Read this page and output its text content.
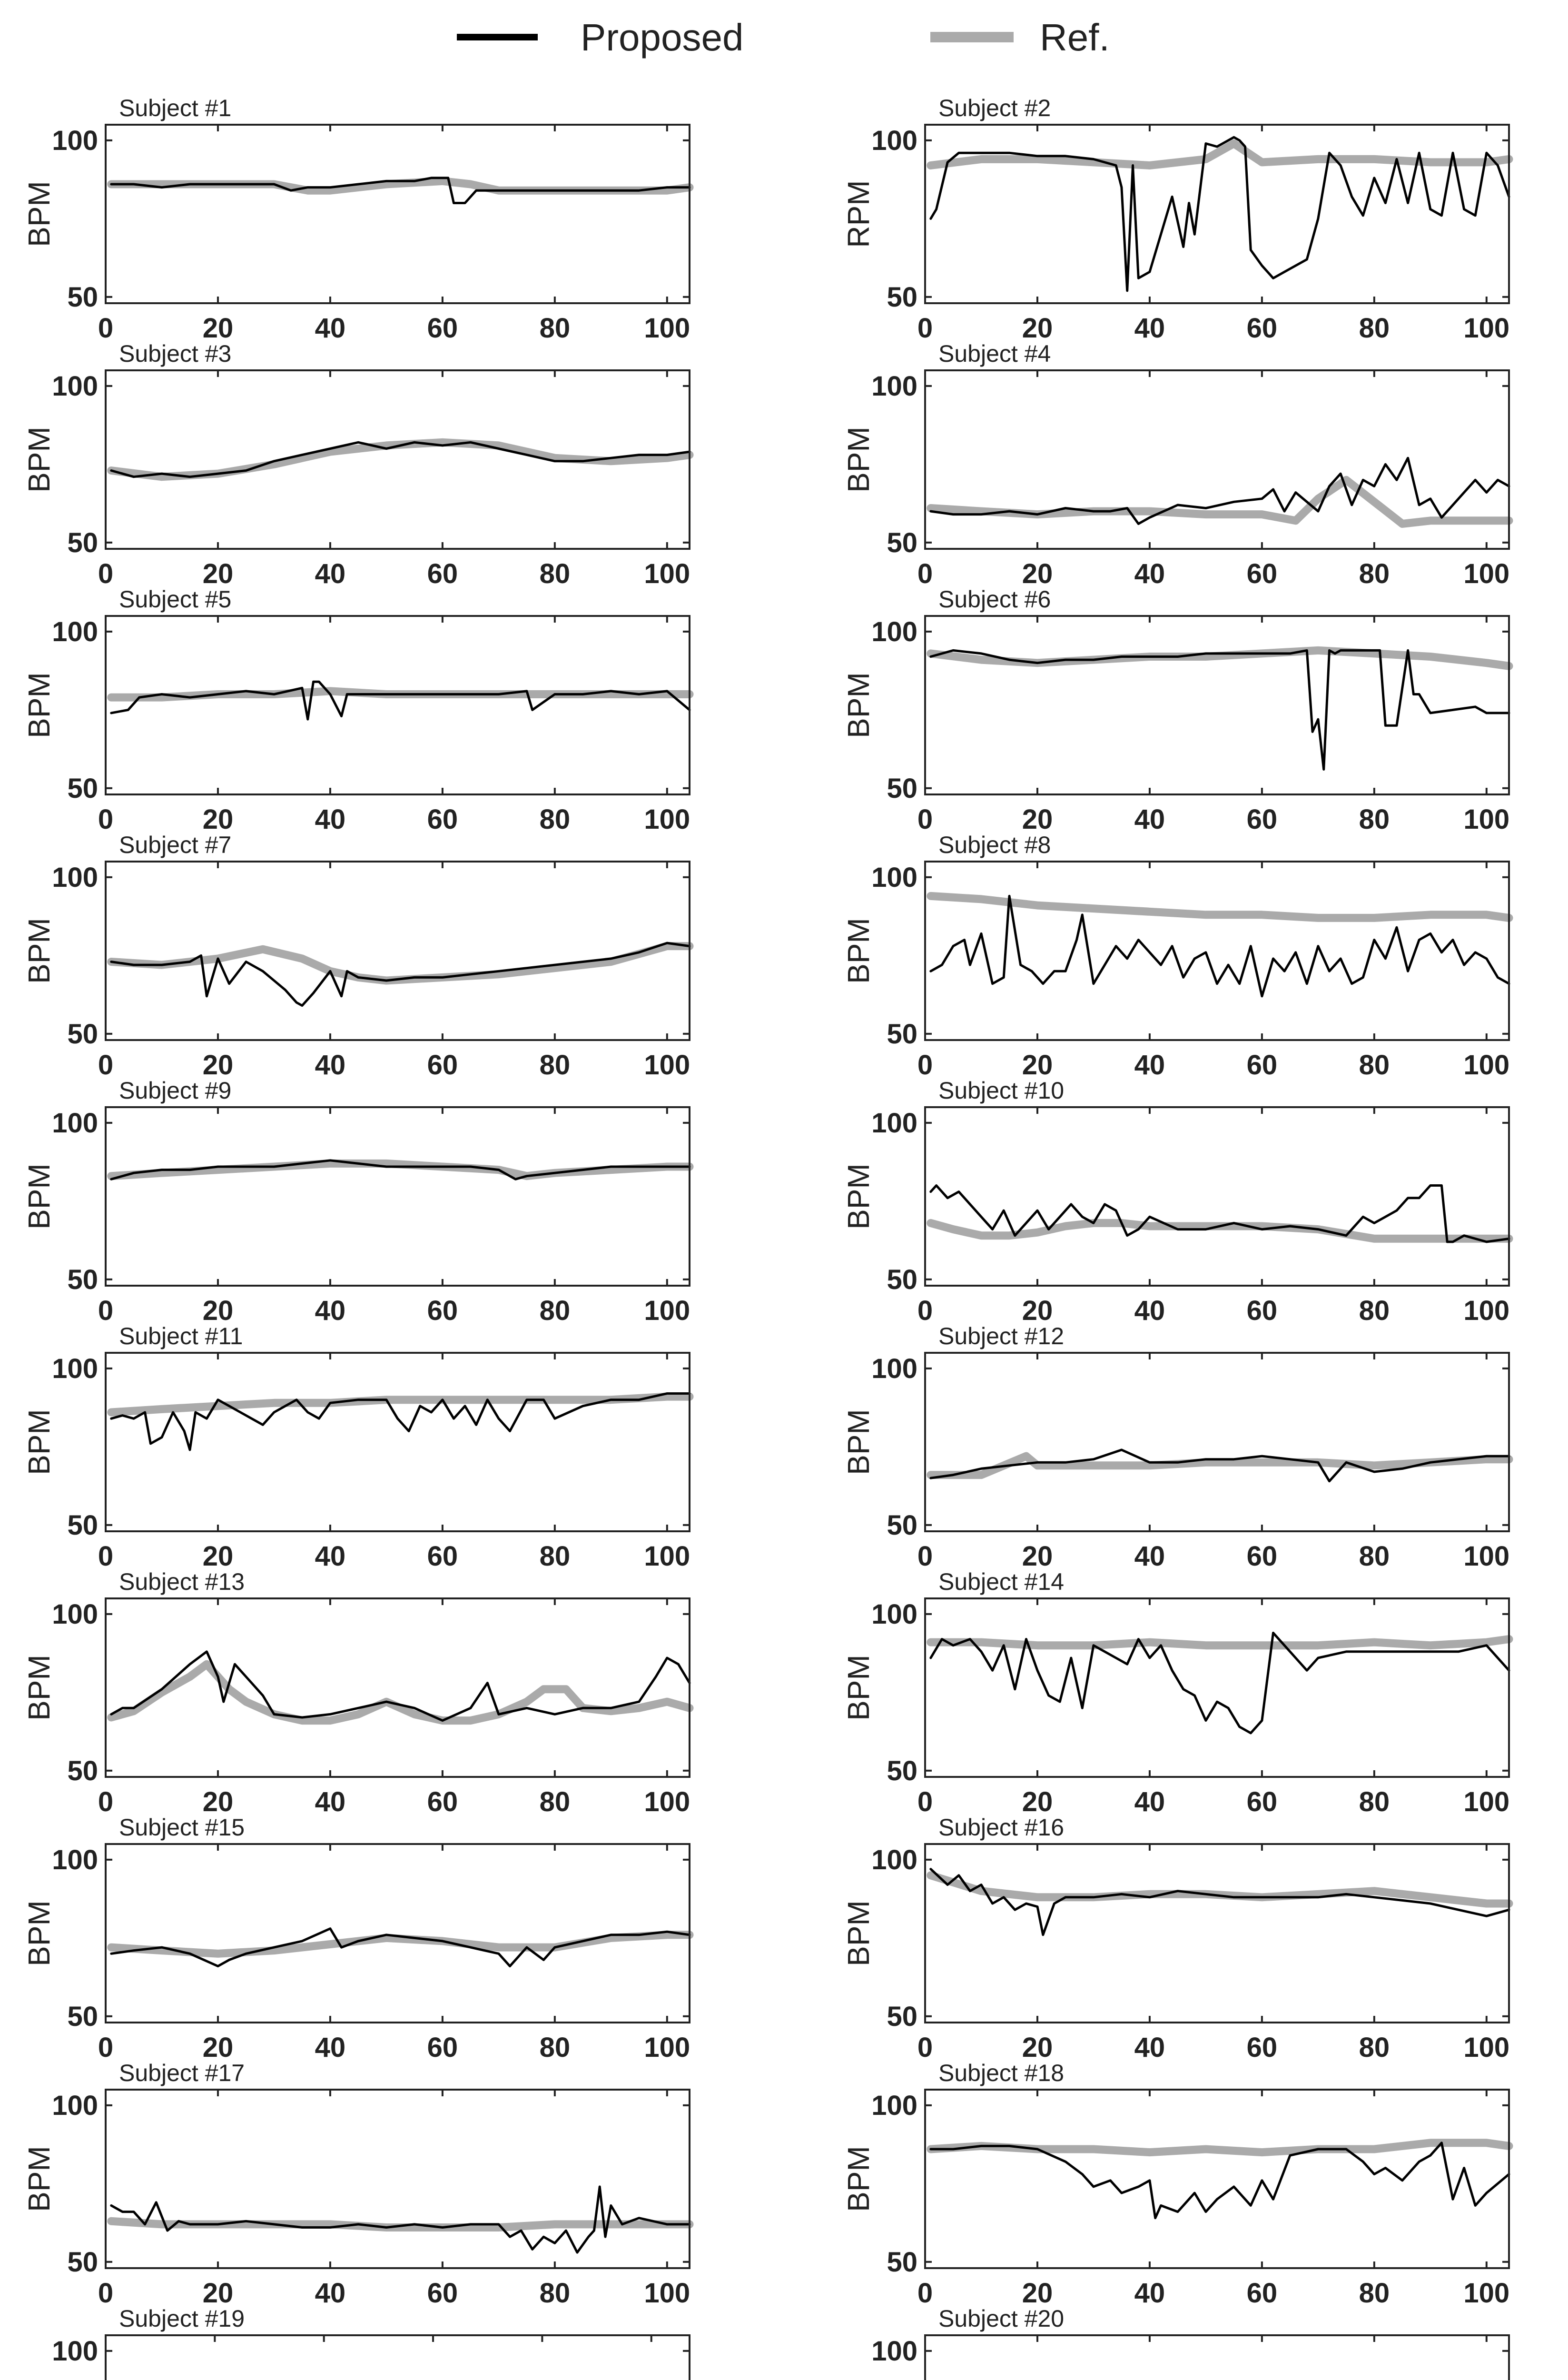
Proposed	Ref.
Subject #1
0	20	40	60	80	100
50
100
BPM
Subject #2
0	20	40	60	80	100
50
100
RPM
Subject #3
0	20	40	60	80	100
50
100
BPM
Subject #4
0	20	40	60	80	100
50
100
BPM
Subject #5
0	20	40	60	80	100
50
100
BPM
Subject #6
0	20	40	60	80	100
50
100
BPM
Subject #7
0	20	40	60	80	100
50
100
BPM
Subject #8
0	20	40	60	80	100
50
100
BPM
Subject #9
0	20	40	60	80	100
50
100
BPM
Subject #10
0	20	40	60	80	100
50
100
BPM
Subject #11
0	20	40	60	80	100
50
100
BPM
Subject #12
0	20	40	60	80	100
50
100
BPM
Subject #13
0	20	40	60	80	100
50
100
BPM
Subject #14
0	20	40	60	80	100
50
100
BPM
Subject #15
0	20	40	60	80	100
50
100
BPM
Subject #16
0	20	40	60	80	100
50
100
BPM
Subject #17
0	20	40	60	80	100
50
100
BPM
Subject #18
0	20	40	60	80	100
50
100
BPM
Subject #19
100
Subject #20
100
